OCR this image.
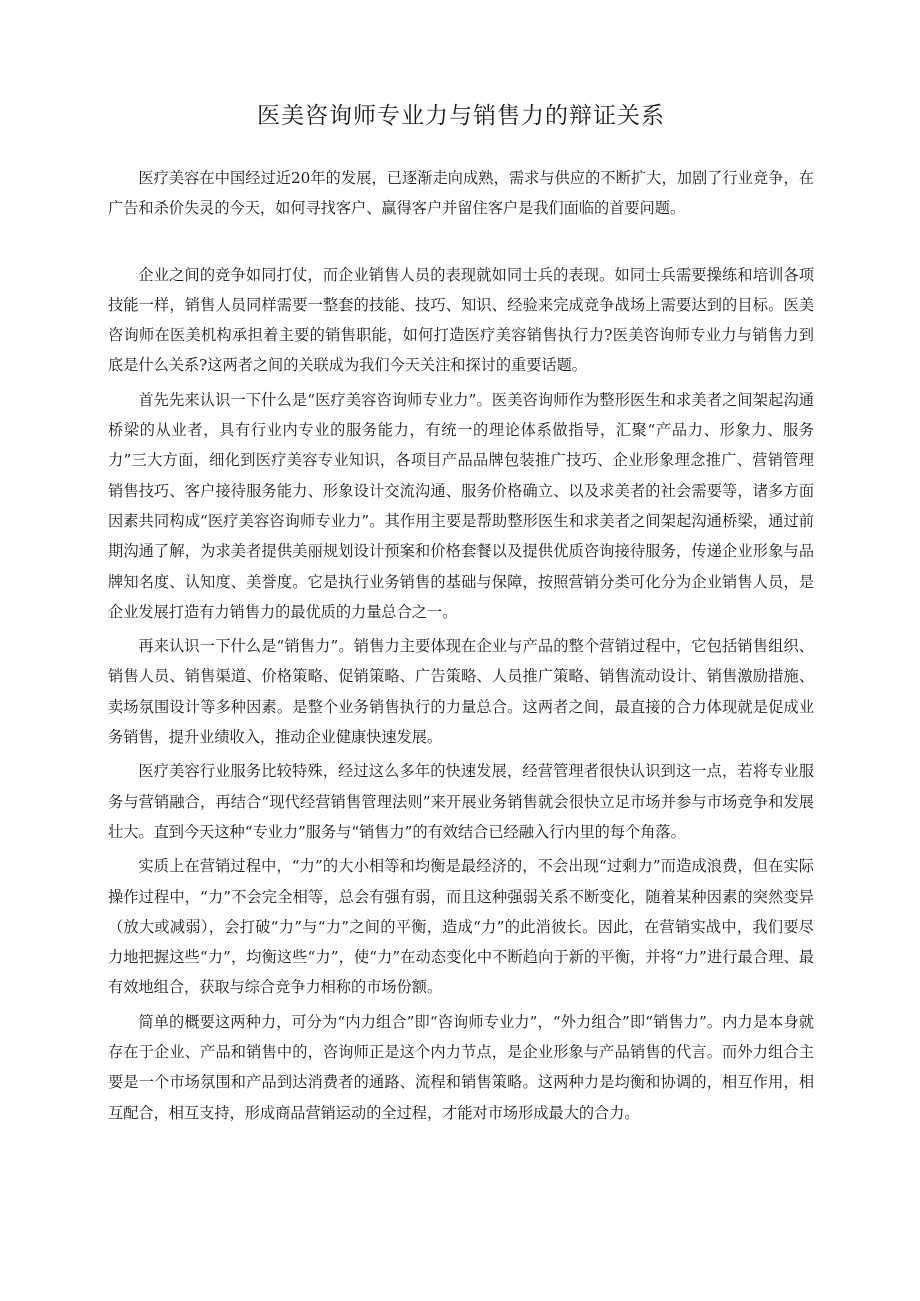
医美咨询师专业力与销售力的辩证关系

医疗美容在中国经过近20年的发展，已逐渐走向成熟，需求与供应的不断扩大，加剧了行业竞争，在广告和杀价失灵的今天，如何寻找客户、赢得客户并留住客户是我们面临的首要问题。

企业之间的竞争如同打仗，而企业销售人员的表现就如同士兵的表现。如同士兵需要操练和培训各项技能一样，销售人员同样需要一整套的技能、技巧、知识、经验来完成竞争战场上需要达到的目标。医美咨询师在医美机构承担着主要的销售职能，如何打造医疗美容销售执行力?医美咨询师专业力与销售力到底是什么关系?这两者之间的关联成为我们今天关注和探讨的重要话题。

首先先来认识一下什么是“医疗美容咨询师专业力”。医美咨询师作为整形医生和求美者之间架起沟通桥梁的从业者，具有行业内专业的服务能力，有统一的理论体系做指导，汇聚“产品力、形象力、服务力”三大方面，细化到医疗美容专业知识，各项目产品品牌包装推广技巧、企业形象理念推广、营销管理销售技巧、客户接待服务能力、形象设计交流沟通、服务价格确立、以及求美者的社会需要等，诸多方面因素共同构成“医疗美容咨询师专业力”。其作用主要是帮助整形医生和求美者之间架起沟通桥梁，通过前期沟通了解，为求美者提供美丽规划设计预案和价格套餐以及提供优质咨询接待服务，传递企业形象与品牌知名度、认知度、美誉度。它是执行业务销售的基础与保障，按照营销分类可化分为企业销售人员，是企业发展打造有力销售力的最优质的力量总合之一。

再来认识一下什么是“销售力”。销售力主要体现在企业与产品的整个营销过程中，它包括销售组织、销售人员、销售渠道、价格策略、促销策略、广告策略、人员推广策略、销售流动设计、销售激励措施、卖场氛围设计等多种因素。是整个业务销售执行的力量总合。这两者之间，最直接的合力体现就是促成业务销售，提升业绩收入，推动企业健康快速发展。

医疗美容行业服务比较特殊，经过这么多年的快速发展，经营管理者很快认识到这一点，若将专业服务与营销融合，再结合“现代经营销售管理法则”来开展业务销售就会很快立足市场并参与市场竞争和发展壮大。直到今天这种“专业力”服务与“销售力”的有效结合已经融入行内里的每个角落。

实质上在营销过程中，“力”的大小相等和均衡是最经济的，不会出现“过剩力”而造成浪费，但在实际操作过程中，“力”不会完全相等，总会有强有弱，而且这种强弱关系不断变化，随着某种因素的突然变异（放大或减弱），会打破“力”与“力”之间的平衡，造成“力”的此消彼长。因此，在营销实战中，我们要尽力地把握这些“力”，均衡这些“力”，使“力”在动态变化中不断趋向于新的平衡，并将“力”进行最合理、最有效地组合，获取与综合竞争力相称的市场份额。

简单的概要这两种力，可分为“内力组合”即“咨询师专业力”，“外力组合”即“销售力”。内力是本身就存在于企业、产品和销售中的，咨询师正是这个内力节点，是企业形象与产品销售的代言。而外力组合主要是一个市场氛围和产品到达消费者的通路、流程和销售策略。这两种力是均衡和协调的，相互作用，相互配合，相互支持，形成商品营销运动的全过程，才能对市场形成最大的合力。
